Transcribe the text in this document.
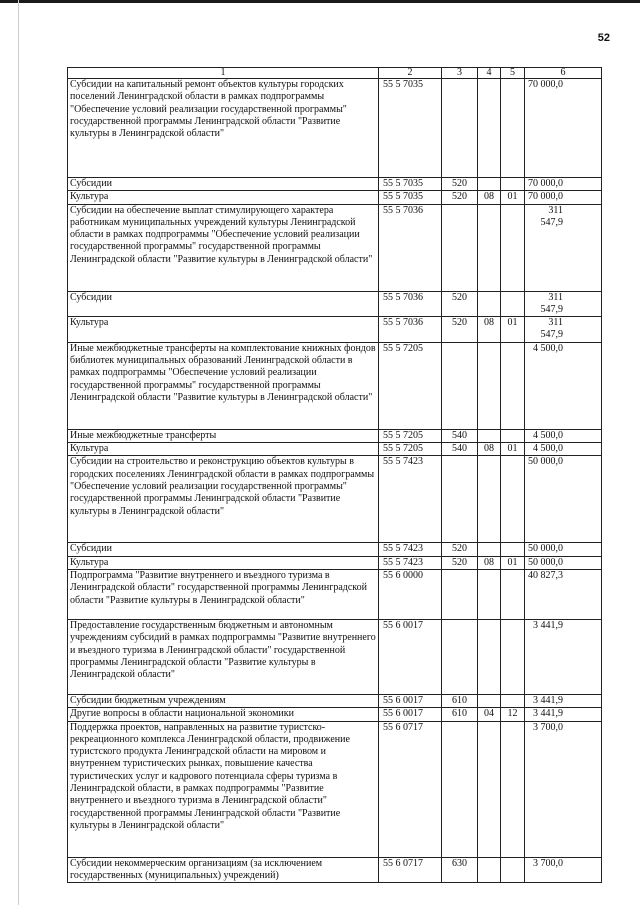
52
1	2	3	4	5	6
Субсидии на капитальный ремонт объектов культуры городских поселений Ленинградской области в рамках подпрограммы "Обеспечение условий реализации государственной программы" государственной программы Ленинградской области "Развитие культуры в Ленинградской области"	55 5 7035				70 000,0
Субсидии	55 5 7035	520			70 000,0
Культура	55 5 7035	520	08	01	70 000,0
Субсидии на обеспечение выплат стимулирующего характера работникам муниципальных учреждений культуры Ленинградской области в рамках подпрограммы "Обеспечение условий реализации государственной программы" государственной программы Ленинградской области "Развитие культуры в Ленинградской области"	55 5 7036				311 547,9
Субсидии	55 5 7036	520			311 547,9
Культура	55 5 7036	520	08	01	311 547,9
Иные межбюджетные трансферты на комплектование книжных фондов библиотек муниципальных образований Ленинградской области в рамках подпрограммы "Обеспечение условий реализации государственной программы" государственной программы Ленинградской области "Развитие культуры в Ленинградской области"	55 5 7205				4 500,0
Иные межбюджетные трансферты	55 5 7205	540			4 500,0
Культура	55 5 7205	540	08	01	4 500,0
Субсидии на строительство и реконструкцию объектов культуры в городских поселениях Ленинградской области в рамках подпрограммы "Обеспечение условий реализации государственной программы" государственной программы Ленинградской области "Развитие культуры в Ленинградской области"	55 5 7423				50 000,0
Субсидии	55 5 7423	520			50 000,0
Культура	55 5 7423	520	08	01	50 000,0
Подпрограмма "Развитие внутреннего и въездного туризма в Ленинградской области" государственной программы Ленинградской области "Развитие культуры в Ленинградской области"	55 6 0000				40 827,3
Предоставление государственным бюджетным и автономным учреждениям субсидий в рамках подпрограммы "Развитие внутреннего и въездного туризма в Ленинградской области" государственной программы Ленинградской области "Развитие культуры в Ленинградской области"	55 6 0017				3 441,9
Субсидии бюджетным учреждениям	55 6 0017	610			3 441,9
Другие вопросы в области национальной экономики	55 6 0017	610	04	12	3 441,9
Поддержка проектов, направленных на развитие туристско-рекреационного комплекса Ленинградской области, продвижение туристского продукта Ленинградской области на мировом и внутреннем туристических рынках, повышение качества туристических услуг и кадрового потенциала сферы туризма в Ленинградской области, в рамках подпрограммы "Развитие внутреннего и въездного туризма в Ленинградской области" государственной программы Ленинградской области "Развитие культуры в Ленинградской области"	55 6 0717				3 700,0
Субсидии некоммерческим организациям (за исключением государственных (муниципальных) учреждений)	55 6 0717	630			3 700,0
